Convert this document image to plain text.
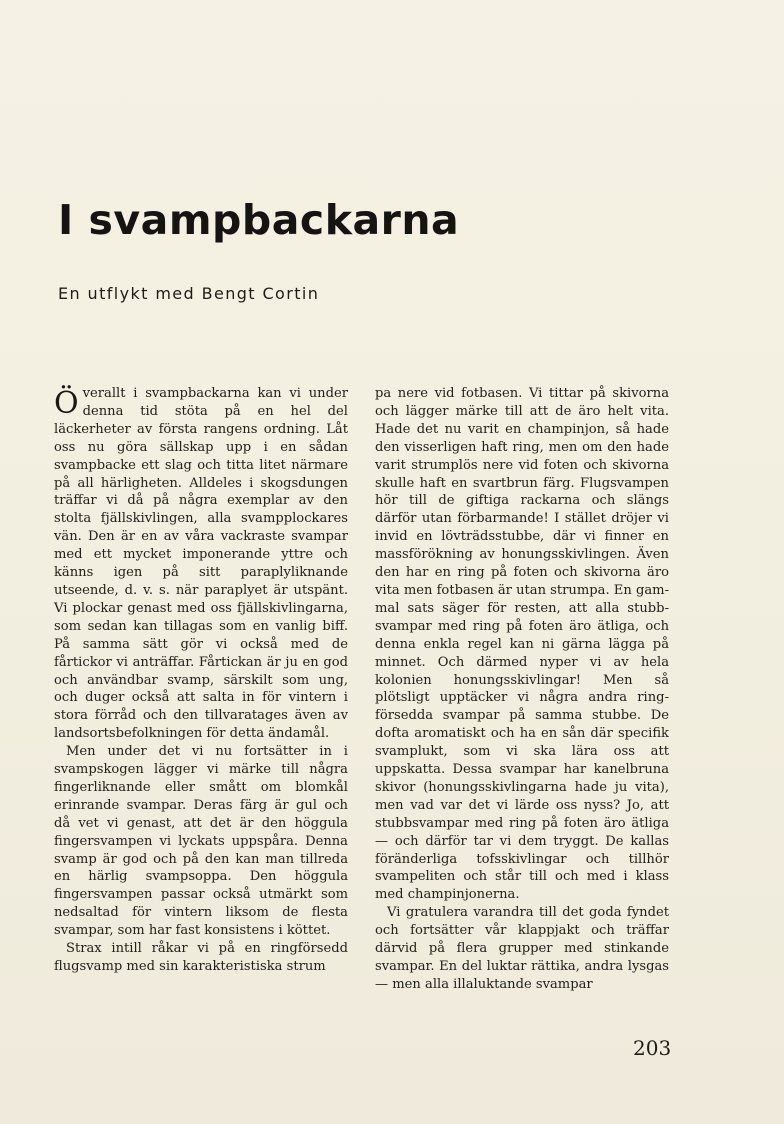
I svampbackarna
En utflykt med Bengt Cortin

Överallt i svampbackarna kan vi under denna tid stöta på en hel del läckerheter av första rangens ordning. Låt oss nu göra sällskap upp i en sådan svampbacke ett slag och titta litet närmare på all härligheten. Alldeles i skogsdungen träffar vi då på några exemplar av den stolta fjällskivlingen, alla svampplockares vän. Den är en av våra vackraste svampar med ett mycket imponerande yttre och känns igen på sitt paraplyliknande utseende, d. v. s. när paraplyet är utspänt. Vi plockar genast med oss fjällskivlingarna, som sedan kan tillagas som en vanlig biff. På samma sätt gör vi också med de fårtickor vi anträffar. Fårtickan är ju en god och användbar svamp, särskilt som ung, och duger också att salta in för vintern i stora förråd och den tillvaratages även av landsortsbefolkningen för detta ändamål.

Men under det vi nu fortsätter in i svampskogen lägger vi märke till några fingerliknande eller smått om blomkål erinrande svampar. Deras färg är gul och då vet vi genast, att det är den höggula fingersvampen vi lyckats uppspåra. Denna svamp är god och på den kan man tillreda en härlig svampsoppa. Den höggula fingersvampen passar också utmärkt som nedsaltad för vintern liksom de flesta svampar, som har fast konsistens i köttet.

Strax intill råkar vi på en ringförsedd flugsvamp med sin karakteristiska strum

pa nere vid fotbasen. Vi tittar på skivorna och lägger märke till att de äro helt vita. Hade det nu varit en champinjon, så hade den visserligen haft ring, men om den hade varit strumplös nere vid foten och skivorna skulle haft en svartbrun färg. Flugsvampen hör till de giftiga rackarna och slängs därför utan förbarmande! I stället dröjer vi invid en lövträdsstubbe, där vi finner en massförökning av honungsskivlingen. Även den har en ring på foten och skivorna äro vita men fotbasen är utan strumpa. En gammal sats säger för resten, att alla stubbsvampar med ring på foten äro ätliga, och denna enkla regel kan ni gärna lägga på minnet. Och därmed nyper vi av hela kolonien honungsskivlingar! Men så plötsligt upptäcker vi några andra ringförsedda svampar på samma stubbe. De dofta aromatiskt och ha en sån där specifik svamplukt, som vi ska lära oss att uppskatta. Dessa svampar har kanelbruna skivor (honungsskivlingarna hade ju vita), men vad var det vi lärde oss nyss? Jo, att stubbsvampar med ring på foten äro ätliga — och därför tar vi dem tryggt. De kallas föränderliga tofsskivlingar och tillhör svampeliten och står till och med i klass med champinjonerna.

Vi gratulera varandra till det goda fyndet och fortsätter vår klappjakt och träffar därvid på flera grupper med stinkande svampar. En del luktar rättika, andra lysgas — men alla illaluktande svampar

203
